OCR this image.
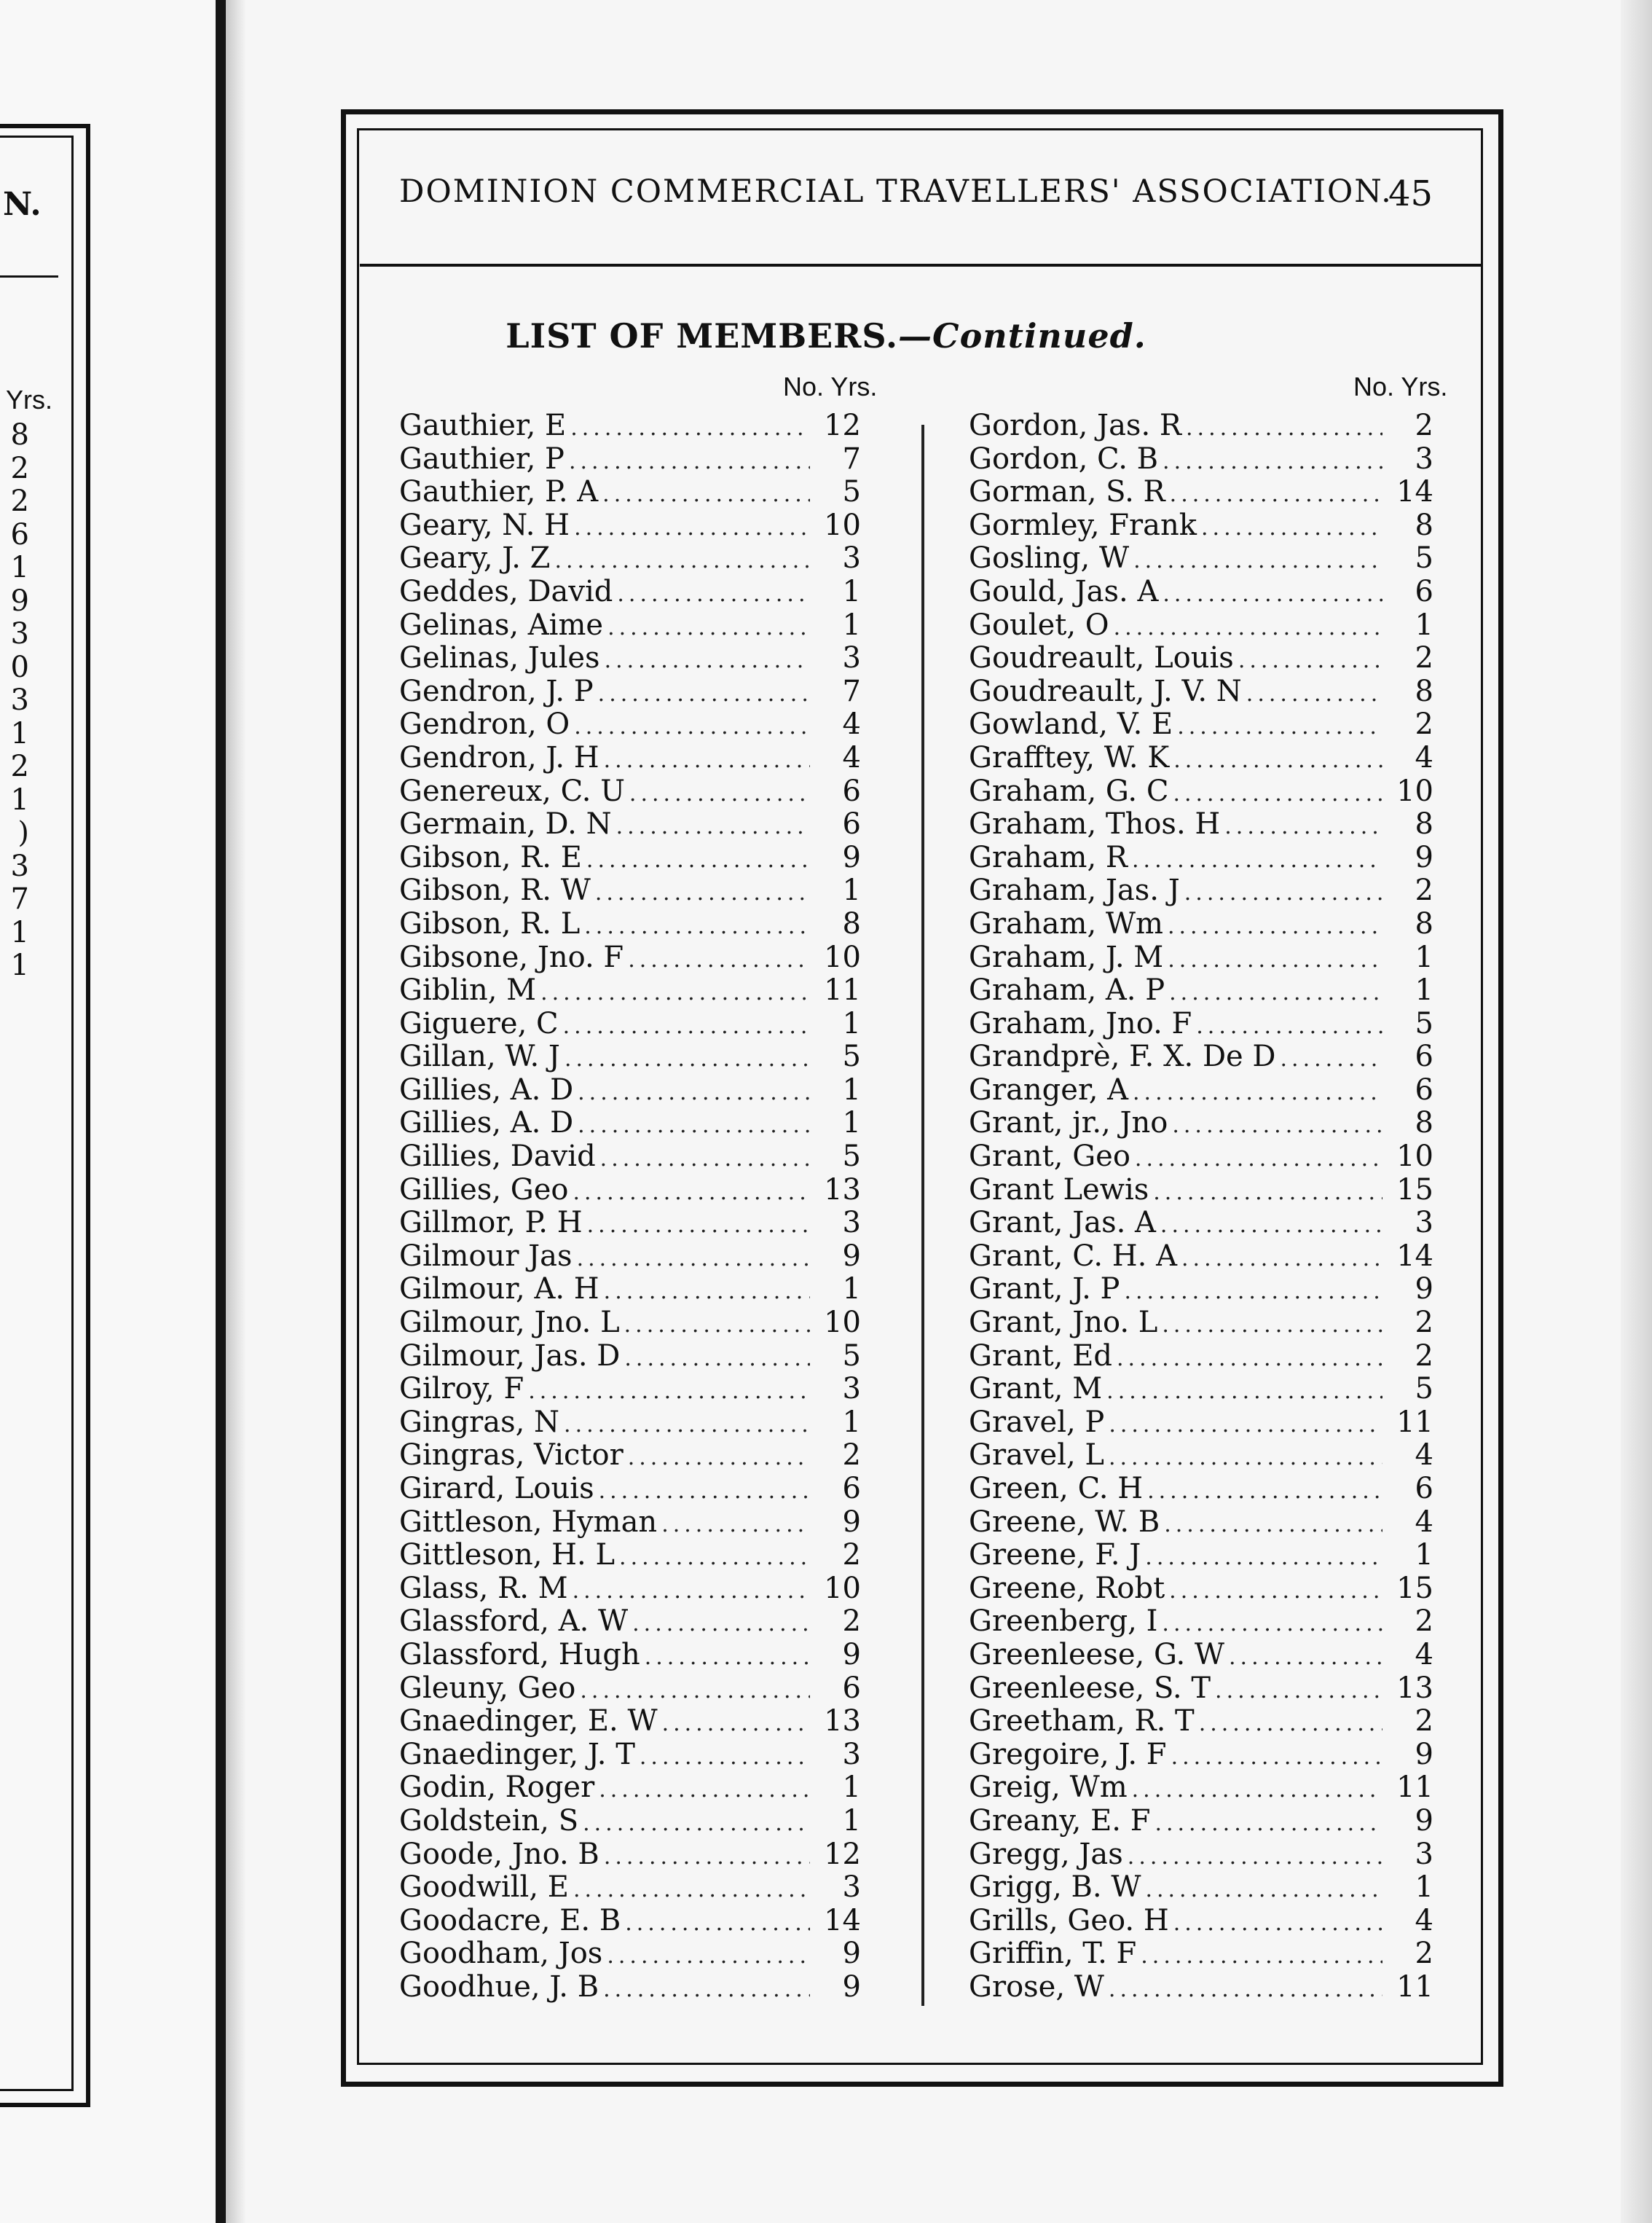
N.
Yrs.
8
2
2
6
1
9
3
0
3
1
2
1
)
3
7
1
1
DOMINION COMMERCIAL TRAVELLERS' ASSOCIATION.
45
LIST OF MEMBERS.—Continued.
No. Yrs.	No. Yrs.
Gauthier, E .....	12
Gauthier, P .....	7
Gauthier, P. A .....	5
Geary, N. H .....	10
Geary, J. Z .....	3
Geddes, David .....	1
Gelinas, Aime .....	1
Gelinas, Jules .....	3
Gendron, J. P .....	7
Gendron, O .....	4
Gendron, J. H .....	4
Genereux, C. U .....	6
Germain, D. N .....	6
Gibson, R. E .....	9
Gibson, R. W .....	1
Gibson, R. L .....	8
Gibsone, Jno. F .....	10
Giblin, M .....	11
Giguere, C .....	1
Gillan, W. J .....	5
Gillies, A. D .....	1
Gillies, A. D .....	1
Gillies, David .....	5
Gillies, Geo .....	13
Gillmor, P. H .....	3
Gilmour Jas .....	9
Gilmour, A. H .....	1
Gilmour, Jno. L .....	10
Gilmour, Jas. D .....	5
Gilroy, F .....	3
Gingras, N .....	1
Gingras, Victor .....	2
Girard, Louis .....	6
Gittleson, Hyman .....	9
Gittleson, H. L .....	2
Glass, R. M .....	10
Glassford, A. W .....	2
Glassford, Hugh .....	9
Gleuny, Geo .....	6
Gnaedinger, E. W .....	13
Gnaedinger, J. T .....	3
Godin, Roger .....	1
Goldstein, S .....	1
Goode, Jno. B .....	12
Goodwill, E .....	3
Goodacre, E. B .....	14
Goodham, Jos .....	9
Goodhue, J. B .....	9
Gordon, Jas. R .....	2
Gordon, C. B .....	3
Gorman, S. R .....	14
Gormley, Frank .....	8
Gosling, W .....	5
Gould, Jas. A .....	6
Goulet, O .....	1
Goudreault, Louis .....	2
Goudreault, J. V. N .....	8
Gowland, V. E .....	2
Grafftey, W. K .....	4
Graham, G. C .....	10
Graham, Thos. H .....	8
Graham, R .....	9
Graham, Jas. J .....	2
Graham, Wm .....	8
Graham, J. M .....	1
Graham, A. P .....	1
Graham, Jno. F .....	5
Grandprè, F. X. De D .....	6
Granger, A .....	6
Grant, jr., Jno .....	8
Grant, Geo .....	10
Grant Lewis .....	15
Grant, Jas. A .....	3
Grant, C. H. A .....	14
Grant, J. P .....	9
Grant, Jno. L .....	2
Grant, Ed .....	2
Grant, M .....	5
Gravel, P .....	11
Gravel, L .....	4
Green, C. H .....	6
Greene, W. B .....	4
Greene, F. J .....	1
Greene, Robt .....	15
Greenberg, I .....	2
Greenleese, G. W .....	4
Greenleese, S. T .....	13
Greetham, R. T .....	2
Gregoire, J. F .....	9
Greig, Wm .....	11
Greany, E. F .....	9
Gregg, Jas .....	3
Grigg, B. W .....	1
Grills, Geo. H .....	4
Griffin, T. F .....	2
Grose, W .....	11
